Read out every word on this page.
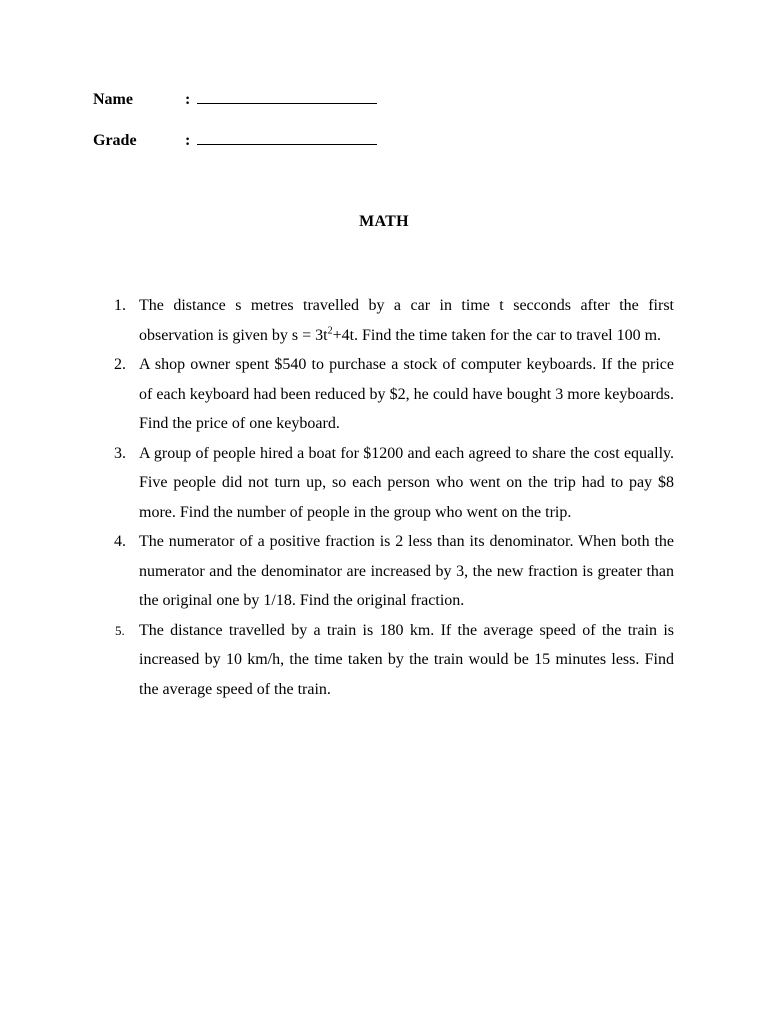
Name	:
Grade	:
MATH
1. The distance s metres travelled by a car in time t secconds after the first observation is given by $s = 3t^2+4t$. Find the time taken for the car to travel 100 m.
2. A shop owner spent $540 to purchase a stock of computer keyboards. If the price of each keyboard had been reduced by $2, he could have bought 3 more keyboards. Find the price of one keyboard.
3. A group of people hired a boat for $1200 and each agreed to share the cost equally. Five people did not turn up, so each person who went on the trip had to pay $8 more. Find the number of people in the group who went on the trip.
4. The numerator of a positive fraction is 2 less than its denominator. When both the numerator and the denominator are increased by 3, the new fraction is greater than the original one by 1/18. Find the original fraction.
5. The distance travelled by a train is 180 km. If the average speed of the train is increased by 10 km/h, the time taken by the train would be 15 minutes less. Find the average speed of the train.
